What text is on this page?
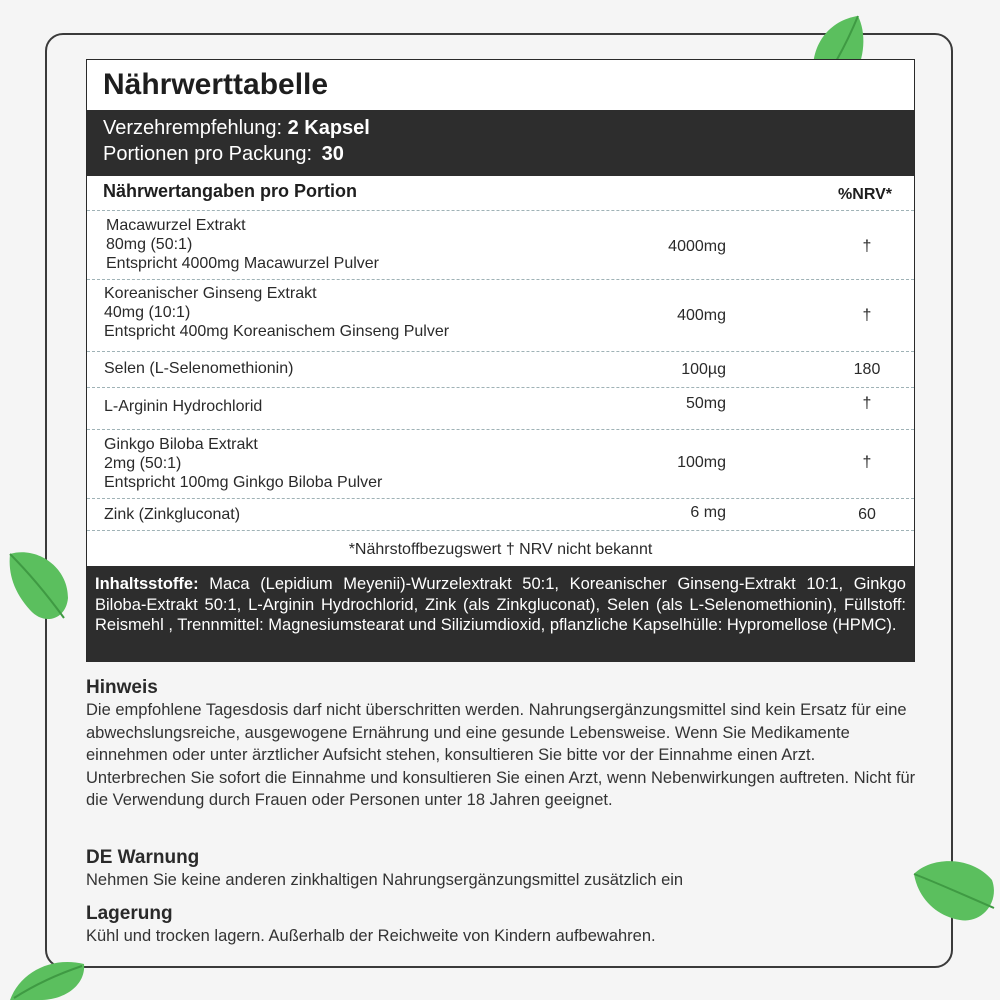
Nährwerttabelle
Verzehrempfehlung: 2 Kapsel
Portionen pro Packung: 30
Nährwertangaben pro Portion	%NRV*
Macawurzel Extrakt
80mg (50:1)
Entspricht 4000mg Macawurzel Pulver
4000mg	†
Koreanischer Ginseng Extrakt
40mg (10:1)
Entspricht 400mg Koreanischem Ginseng Pulver
400mg	†
Selen (L-Selenomethionin)	100µg	180
L-Arginin Hydrochlorid	50mg	†
Ginkgo Biloba Extrakt
2mg (50:1)
Entspricht 100mg Ginkgo Biloba Pulver
100mg	†
Zink (Zinkgluconat)	6 mg	60
*Nährstoffbezugswert † NRV nicht bekannt
Inhaltsstoffe: Maca (Lepidium Meyenii)-Wurzelextrakt 50:1, Koreanischer Ginseng-Extrakt 10:1, Ginkgo Biloba-Extrakt 50:1, L-Arginin Hydrochlorid, Zink (als Zinkgluconat), Selen (als L-Selenomethionin), Füllstoff: Reismehl , Trennmittel: Magnesiumstearat und Siliziumdioxid, pflanzliche Kapselhülle: Hypromellose (HPMC).
Hinweis

Die empfohlene Tagesdosis darf nicht überschritten werden. Nahrungsergänzungsmittel sind kein Ersatz für eine abwechslungsreiche, ausgewogene Ernährung und eine gesunde Lebensweise. Wenn Sie Medikamente einnehmen oder unter ärztlicher Aufsicht stehen, konsultieren Sie bitte vor der Einnahme einen Arzt. Unterbrechen Sie sofort die Einnahme und konsultieren Sie einen Arzt, wenn Nebenwirkungen auftreten. Nicht für die Verwendung durch Frauen oder Personen unter 18 Jahren geeignet.

DE Warnung

Nehmen Sie keine anderen zinkhaltigen Nahrungsergänzungsmittel zusätzlich ein

Lagerung

Kühl und trocken lagern. Außerhalb der Reichweite von Kindern aufbewahren.
